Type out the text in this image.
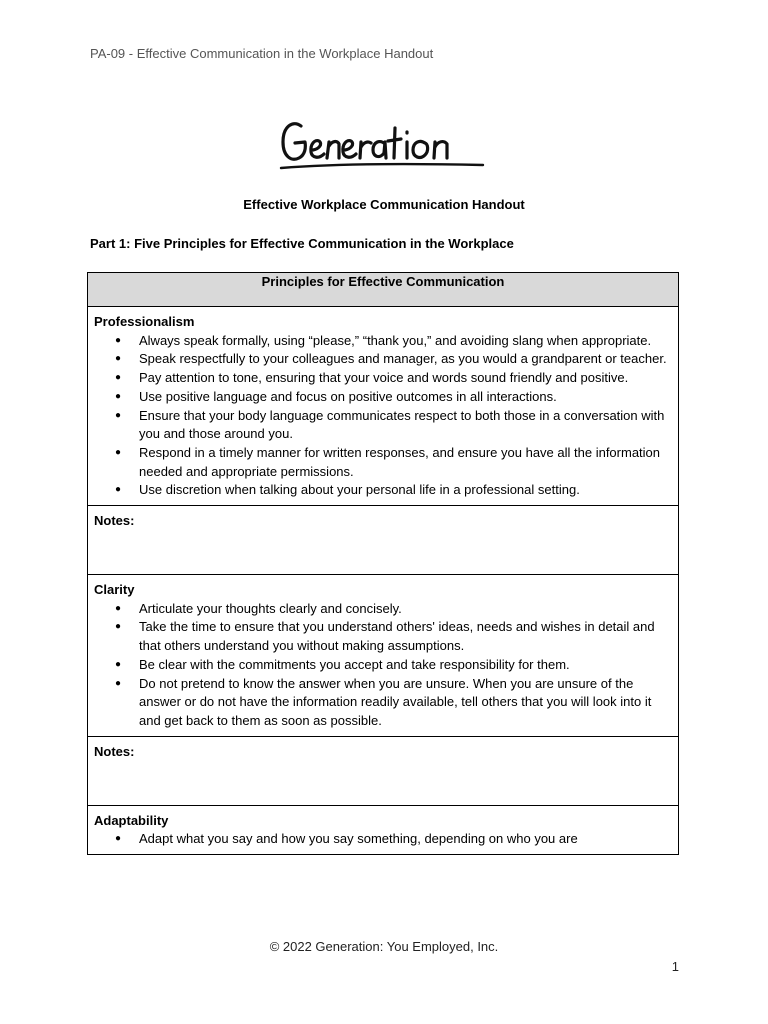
PA-09 - Effective Communication in the Workplace Handout
Effective Workplace Communication Handout
Part 1: Five Principles for Effective Communication in the Workplace
Principles for Effective Communication

Professionalism
● Always speak formally, using “please,” “thank you,” and avoiding slang when appropriate.
● Speak respectfully to your colleagues and manager, as you would a grandparent or teacher.
● Pay attention to tone, ensuring that your voice and words sound friendly and positive.
● Use positive language and focus on positive outcomes in all interactions.
● Ensure that your body language communicates respect to both those in a conversation with you and those around you.
● Respond in a timely manner for written responses, and ensure you have all the information needed and appropriate permissions.
● Use discretion when talking about your personal life in a professional setting.

Notes:

Clarity
● Articulate your thoughts clearly and concisely.
● Take the time to ensure that you understand others' ideas, needs and wishes in detail and that others understand you without making assumptions.
● Be clear with the commitments you accept and take responsibility for them.
● Do not pretend to know the answer when you are unsure. When you are unsure of the answer or do not have the information readily available, tell others that you will look into it and get back to them as soon as possible.

Notes:

Adaptability
● Adapt what you say and how you say something, depending on who you are
© 2022 Generation: You Employed, Inc.
1
